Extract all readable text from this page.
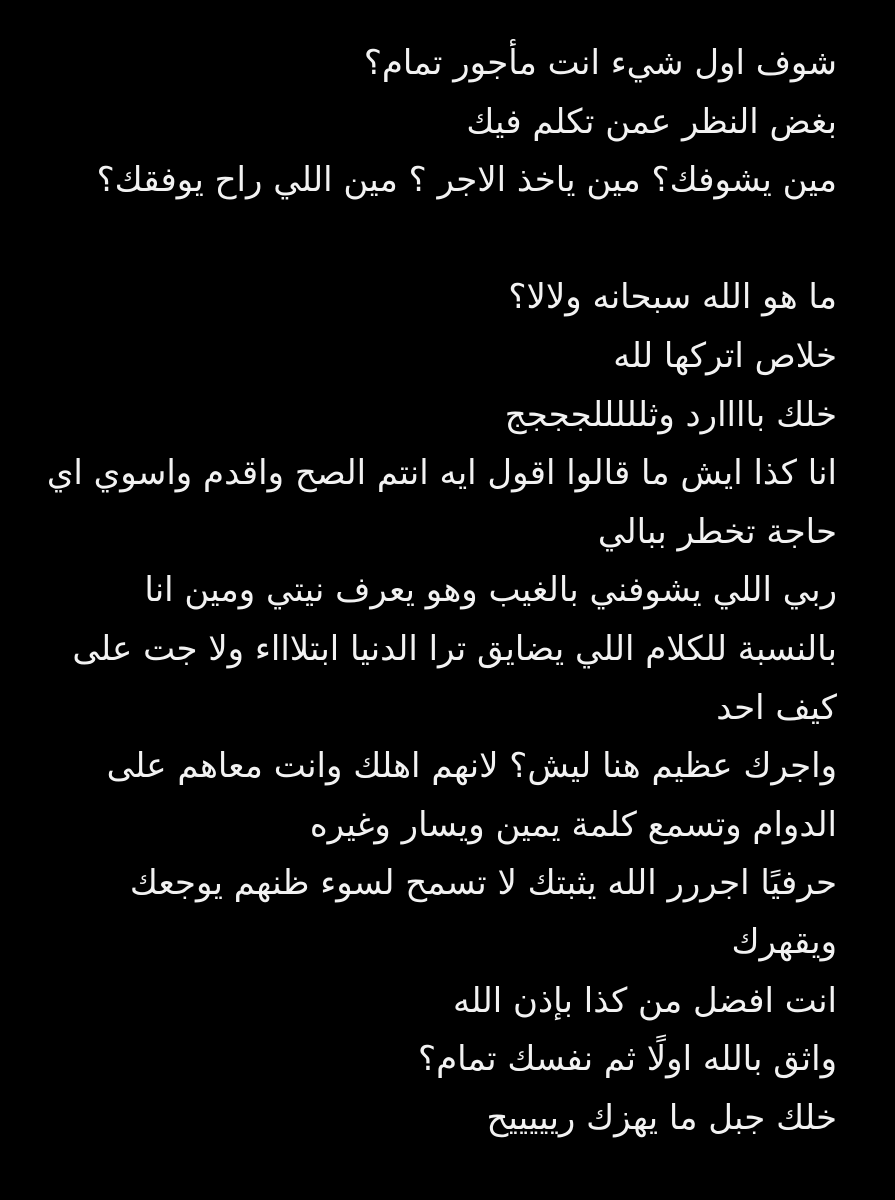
شوف اول شيء انت مأجور تمام؟
بغض النظر عمن تكلم فيك
مين يشوفك؟ مين ياخذ الاجر ؟ مين اللي راح يوفقك؟
ما هو الله سبحانه ولالا؟
خلاص اتركها لله
خلك باااارد وثلللللجججج
انا كذا ايش ما قالوا اقول ايه انتم الصح واقدم واسوي اي
حاجة تخطر ببالي
ربي اللي يشوفني بالغيب وهو يعرف نيتي ومين انا
بالنسبة للكلام اللي يضايق ترا الدنيا ابتلاااء ولا جت على
كيف احد
واجرك عظيم هنا ليش؟ لانهم اهلك وانت معاهم على
الدوام وتسمع كلمة يمين ويسار وغيره
حرفيًا اجررر الله يثبتك لا تسمح لسوء ظنهم يوجعك
ويقهرك
انت افضل من كذا بإذن الله
واثق بالله اولًا ثم نفسك تمام؟
خلك جبل ما يهزك ريييييح
